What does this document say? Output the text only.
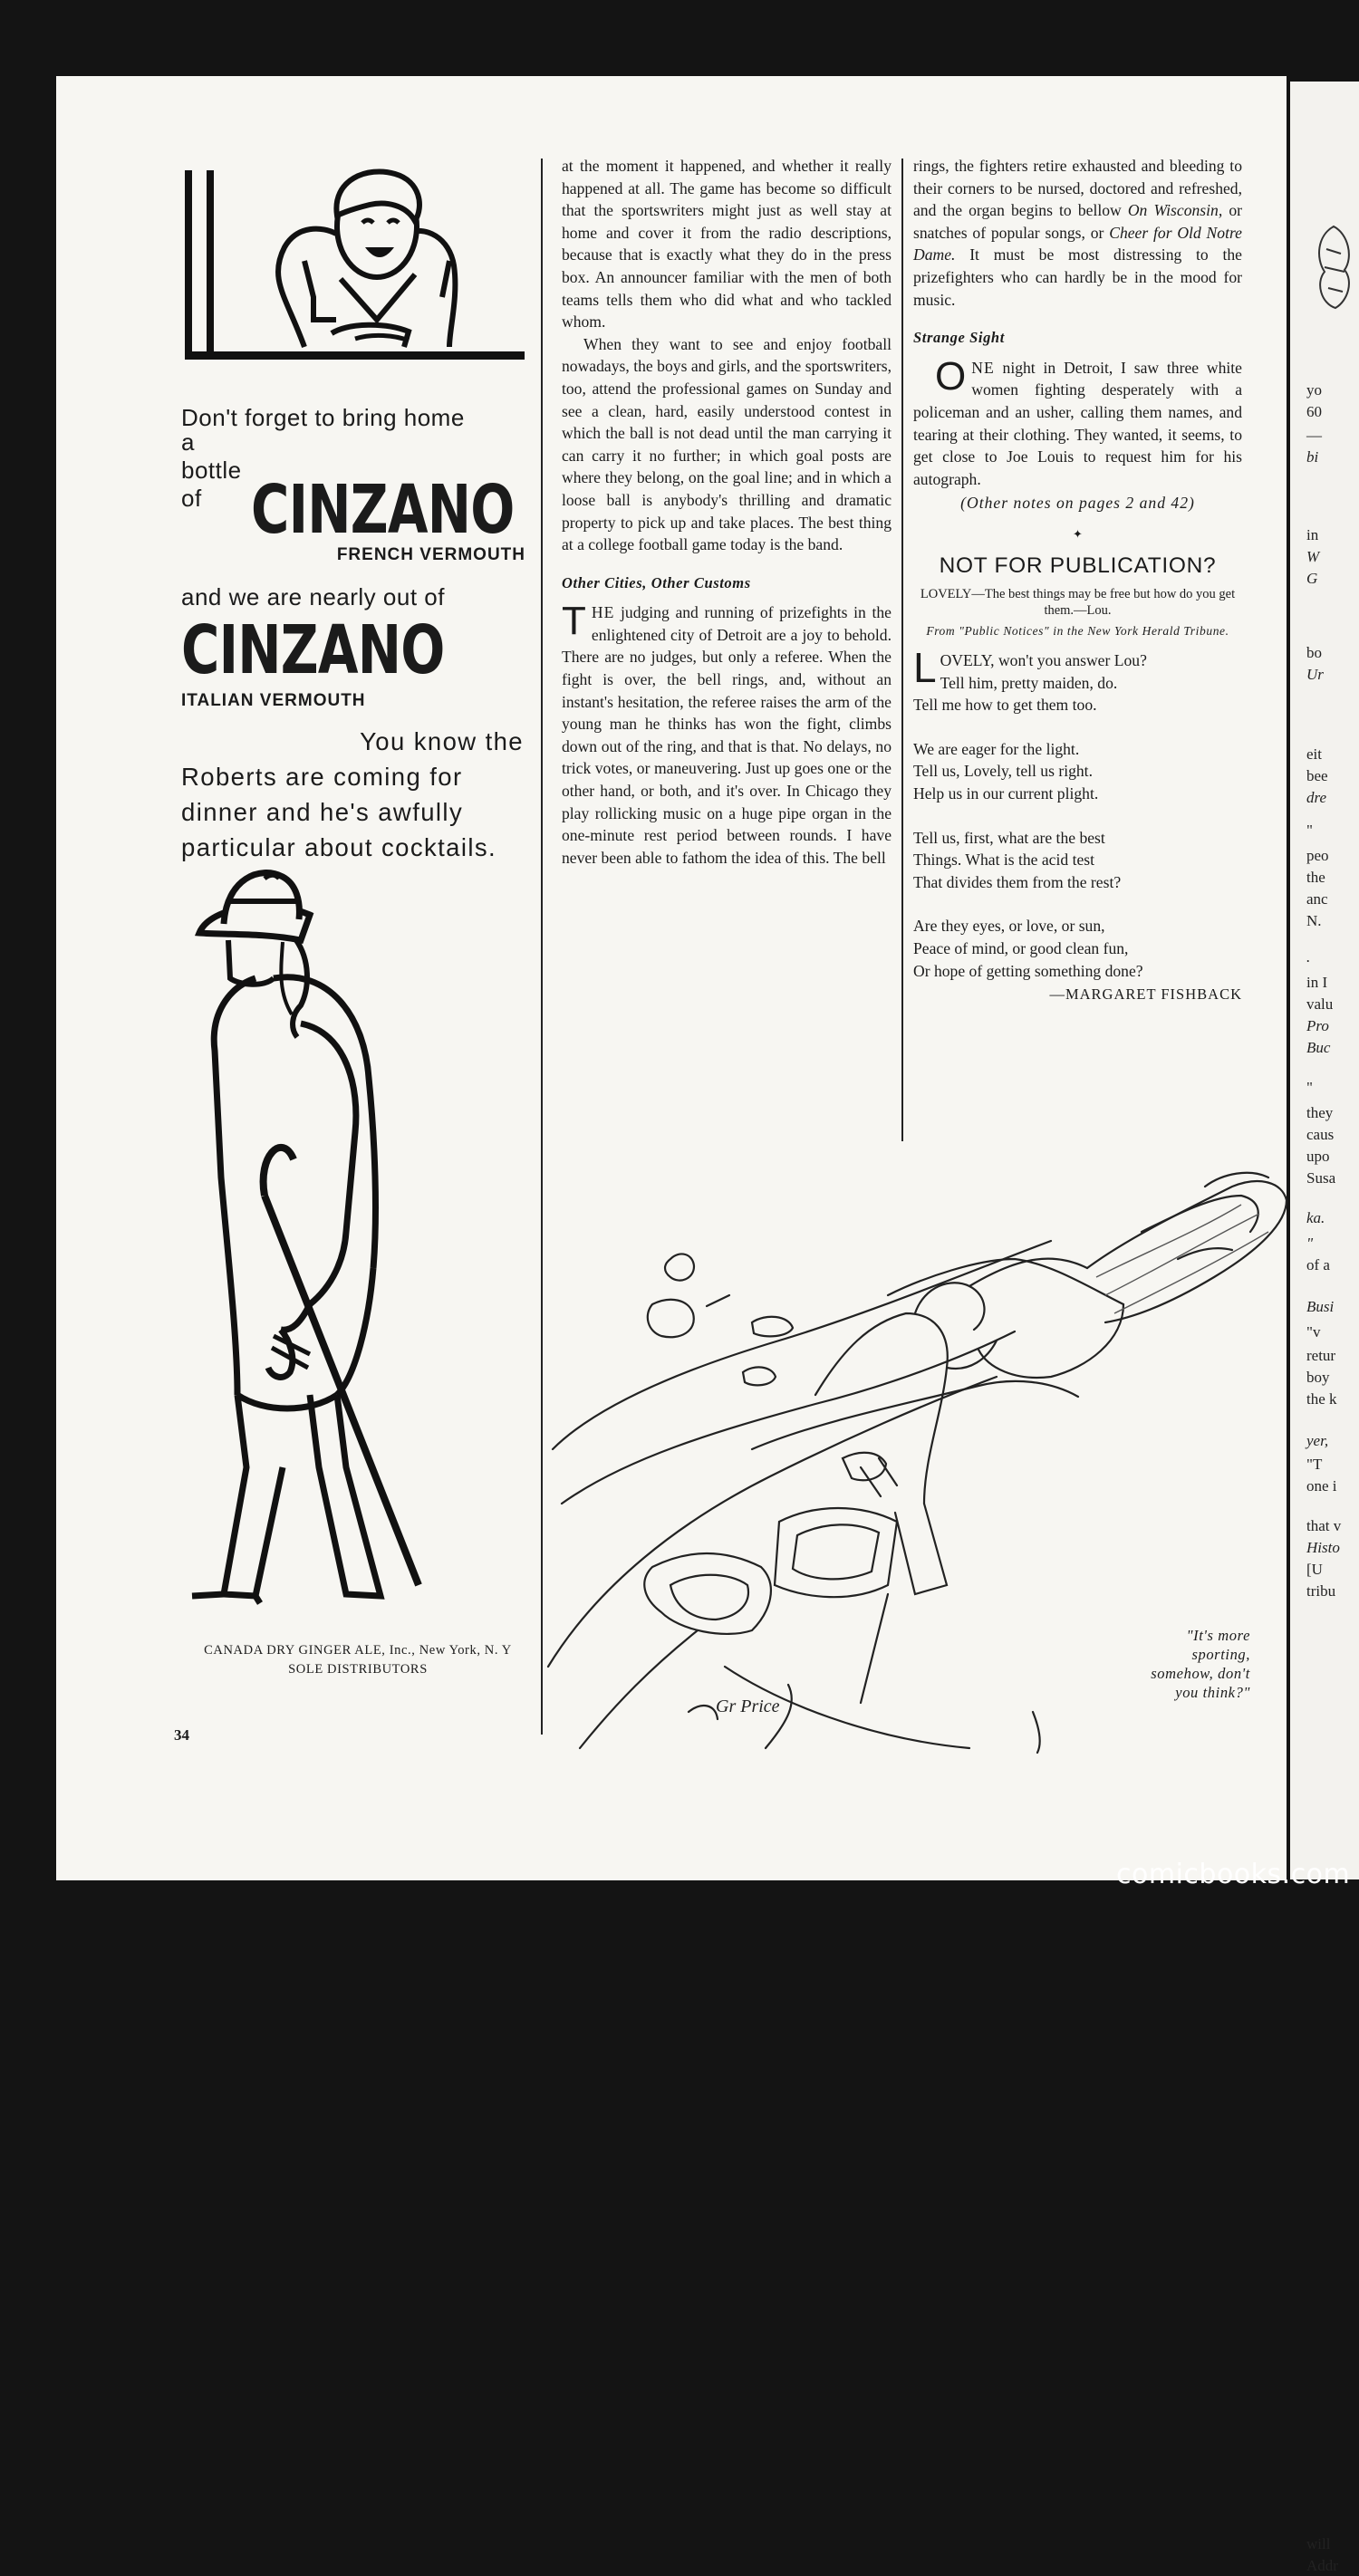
yo
60
—
bi
in
W
G
bo
Ur
eit
bee
dre
"
peo
the
anc
N.
.
in I
valu
Pro
Buc
"
they
caus
upo
Susa
ka.
"
of a
Busi
"v
retur
boy
the k
yer,
"T
one i
that v
Histo
[U
tribu
will
Addr
Don't forget to bring home
a bottle of CINZANO
FRENCH VERMOUTH
and we are nearly out of
CINZANO
ITALIAN VERMOUTH
You know the
Roberts are coming for
dinner and he's awfully
particular about cocktails.
CANADA DRY GINGER ALE, Inc., New York, N. Y
SOLE DISTRIBUTORS
34

at the moment it happened, and whether it really happened at all. The game has become so difficult that the sportswriters might just as well stay at home and cover it from the radio descriptions, because that is exactly what they do in the press box. An announcer familiar with the men of both teams tells them who did what and who tackled whom.

When they want to see and enjoy football nowadays, the boys and girls, and the sportswriters, too, attend the professional games on Sunday and see a clean, hard, easily understood contest in which the ball is not dead until the man carrying it can carry it no further; in which goal posts are where they belong, on the goal line; and in which a loose ball is anybody's thrilling and dramatic property to pick up and take places. The best thing at a college football game today is the band.

Other Cities, Other Customs

THE judging and running of prizefights in the enlightened city of Detroit are a joy to behold. There are no judges, but only a referee. When the fight is over, the bell rings, and, without an instant's hesitation, the referee raises the arm of the young man he thinks has won the fight, climbs down out of the ring, and that is that. No delays, no trick votes, or maneuvering. Just up goes one or the other hand, or both, and it's over. In Chicago they play rollicking music on a huge pipe organ in the one-minute rest period between rounds. I have never been able to fathom the idea of this. The bell

rings, the fighters retire exhausted and bleeding to their corners to be nursed, doctored and refreshed, and the organ begins to bellow On Wisconsin, or snatches of popular songs, or Cheer for Old Notre Dame. It must be most distressing to the prizefighters who can hardly be in the mood for music.

Strange Sight

ONE night in Detroit, I saw three white women fighting desperately with a policeman and an usher, calling them names, and tearing at their clothing. They wanted, it seems, to get close to Joe Louis to request him for his autograph.

(Other notes on pages 2 and 42)
✦
NOT FOR PUBLICATION?
LOVELY—The best things may be free but how do you get them.—Lou.
From "Public Notices" in the New York Herald Tribune.
LOVELY, won't you answer Lou?
Tell him, pretty maiden, do.
Tell me how to get them too.
We are eager for the light.
Tell us, Lovely, tell us right.
Help us in our current plight.
Tell us, first, what are the best
Things. What is the acid test
That divides them from the rest?
Are they eyes, or love, or sun,
Peace of mind, or good clean fun,
Or hope of getting something done?
—MARGARET FISHBACK
Gr Price
"It's more
sporting,
somehow, don't
you think?"
comicbooks.com
